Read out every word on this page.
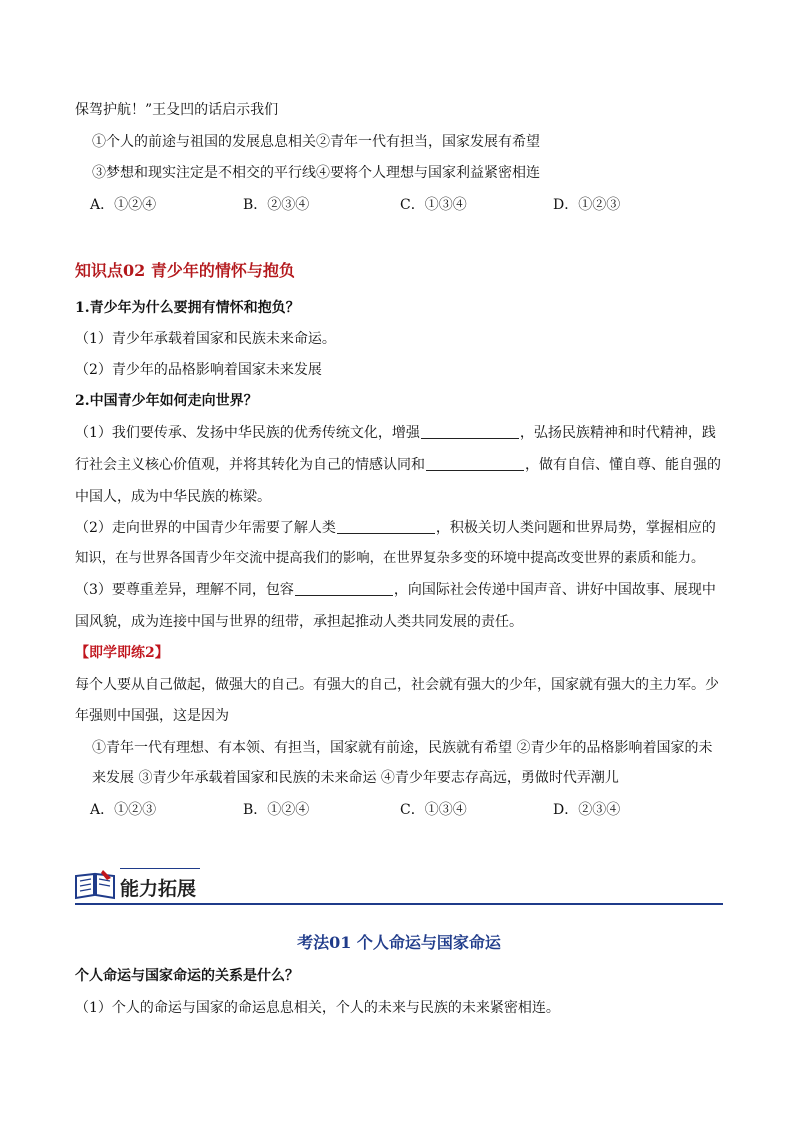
保驾护航！”王殳凹的话启示我们
①个人的前途与祖国的发展息息相关②青年一代有担当，国家发展有希望
③梦想和现实注定是不相交的平行线④要将个人理想与国家利益紧密相连
A．①②④	B．②③④	C．①③④	D．①②③
知识点02 青少年的情怀与抱负
1.青少年为什么要拥有情怀和抱负？
（1）青少年承载着国家和民族未来命运。
（2）青少年的品格影响着国家未来发展
2.中国青少年如何走向世界？
（1）我们要传承、发扬中华民族的优秀传统文化，增强	，弘扬民族精神和时代精神，践
行社会主义核心价值观，并将其转化为自己的情感认同和	，做有自信、懂自尊、能自强的
中国人，成为中华民族的栋梁。
（2）走向世界的中国青少年需要了解人类	，积极关切人类问题和世界局势，掌握相应的
知识，在与世界各国青少年交流中提高我们的影响，在世界复杂多变的环境中提高改变世界的素质和能力。
（3）要尊重差异，理解不同，包容	，向国际社会传递中国声音、讲好中国故事、展现中
国风貌，成为连接中国与世界的纽带，承担起推动人类共同发展的责任。
【即学即练2】
每个人要从自己做起，做强大的自己。有强大的自己，社会就有强大的少年，国家就有强大的主力军。少
年强则中国强，这是因为
①青年一代有理想、有本领、有担当，国家就有前途，民族就有希望 ②青少年的品格影响着国家的未
来发展 ③青少年承载着国家和民族的未来命运 ④青少年要志存高远，勇做时代弄潮儿
A．①②③	B．①②④	C．①③④	D．②③④
能力拓展
考法01 个人命运与国家命运
个人命运与国家命运的关系是什么？
（1）个人的命运与国家的命运息息相关，个人的未来与民族的未来紧密相连。
